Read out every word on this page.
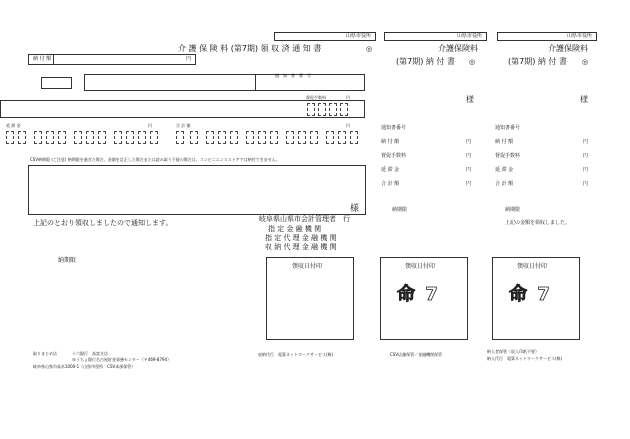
山県市役所	山県市役所	山県市役所
介 護 保 険 料 (第7期) 領 収 済 通 知 書	◎	介護保険料
(第7期) 納 付 書 ◎
介護保険料
(第7期) 納 付 書 ◎
納 付 額	円
通　知　書　番　号
督促手数料	円
延 滞 金	円	合 計 額	円
CSV納期限 (ご注意) 納期限を過ぎた場合、金額を訂正した場合または読み取り不能の場合は、コンビニエンスストアでは納付できません。
様
上記のとおり領収しましたので通知します。	岐阜県山県市会計管理者　行
指 定 金 融 機 関
指 定 代 理 金 融 機 関
収 納 代 理 金 融 機 関
納期限
様
通知書番号
納 付 額	円
督促手数料	円
延 滞 金	円
合 計 額	円
納期限
様
通知書番号
納 付 額	円
督促手数料	円
延 滞 金	円
合 計 額	円
納期限
上記の金額を領収しました。
領収日付印	領収日付印
命 7
領収日付印
命 7
取りまとめ店	十六銀行　高富支店
ゆうちょ銀行名古屋貯金事務センター（〒469-8794）
岐阜県山県市高木1000-1（山県市役所　CSV本部保管）
収納代行　電算ネットワークサービス(株)	CSV店舗保管／金融機関保管
納入者保管（収入印紙不要）
納入代行　電算ネットワークサービス(株)
